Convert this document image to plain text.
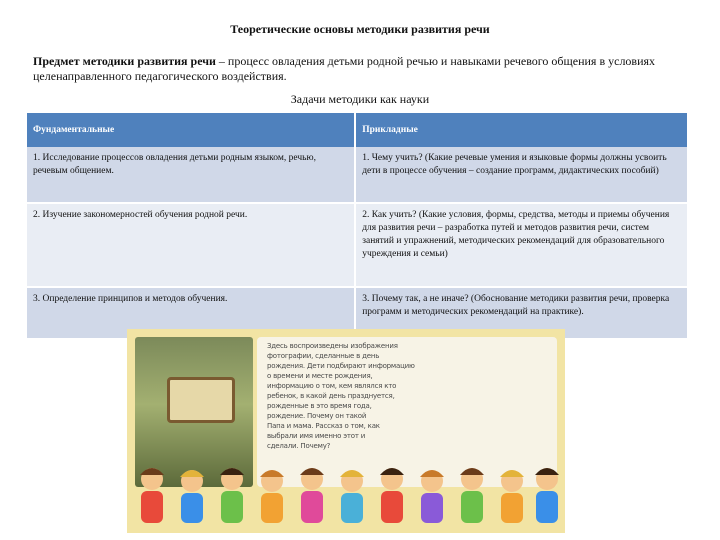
Теоретические основы методики развития речи
Предмет методики развития речи – процесс овладения детьми родной речью и навыками речевого общения в условиях целенаправленного педагогического воздействия.
Задачи методики как науки
Фундаментальные	Прикладные
1. Исследование процессов овладения детьми родным языком, речью, речевым общением.	1. Чему учить? (Какие речевые умения и языковые формы должны усвоить дети в процессе обучения – создание программ, дидактических пособий)
2. Изучение закономерностей обучения родной речи.	2. Как учить? (Какие условия, формы, средства, методы и приемы обучения для развития речи – разработка путей и методов развития речи, систем занятий и упражнений, методических рекомендаций для образовательного учреждения и семьи)
3. Определение принципов и методов обучения.	3. Почему так, а не иначе? (Обоснование методики развития речи, проверка программ и методических рекомендаций на практике).
Здесь воспроизведены изображения
фотографии, сделанные в день
рождения. Дети подбирают информацию
о времени и месте рождения,
информацию о том, кем являлся кто
ребенок, в какой день празднуется,
рожденные в это время года,
рождение. Почему он такой
Папа и мама. Рассказ о том, как
выбрали имя именно этот и
сделали. Почему?
